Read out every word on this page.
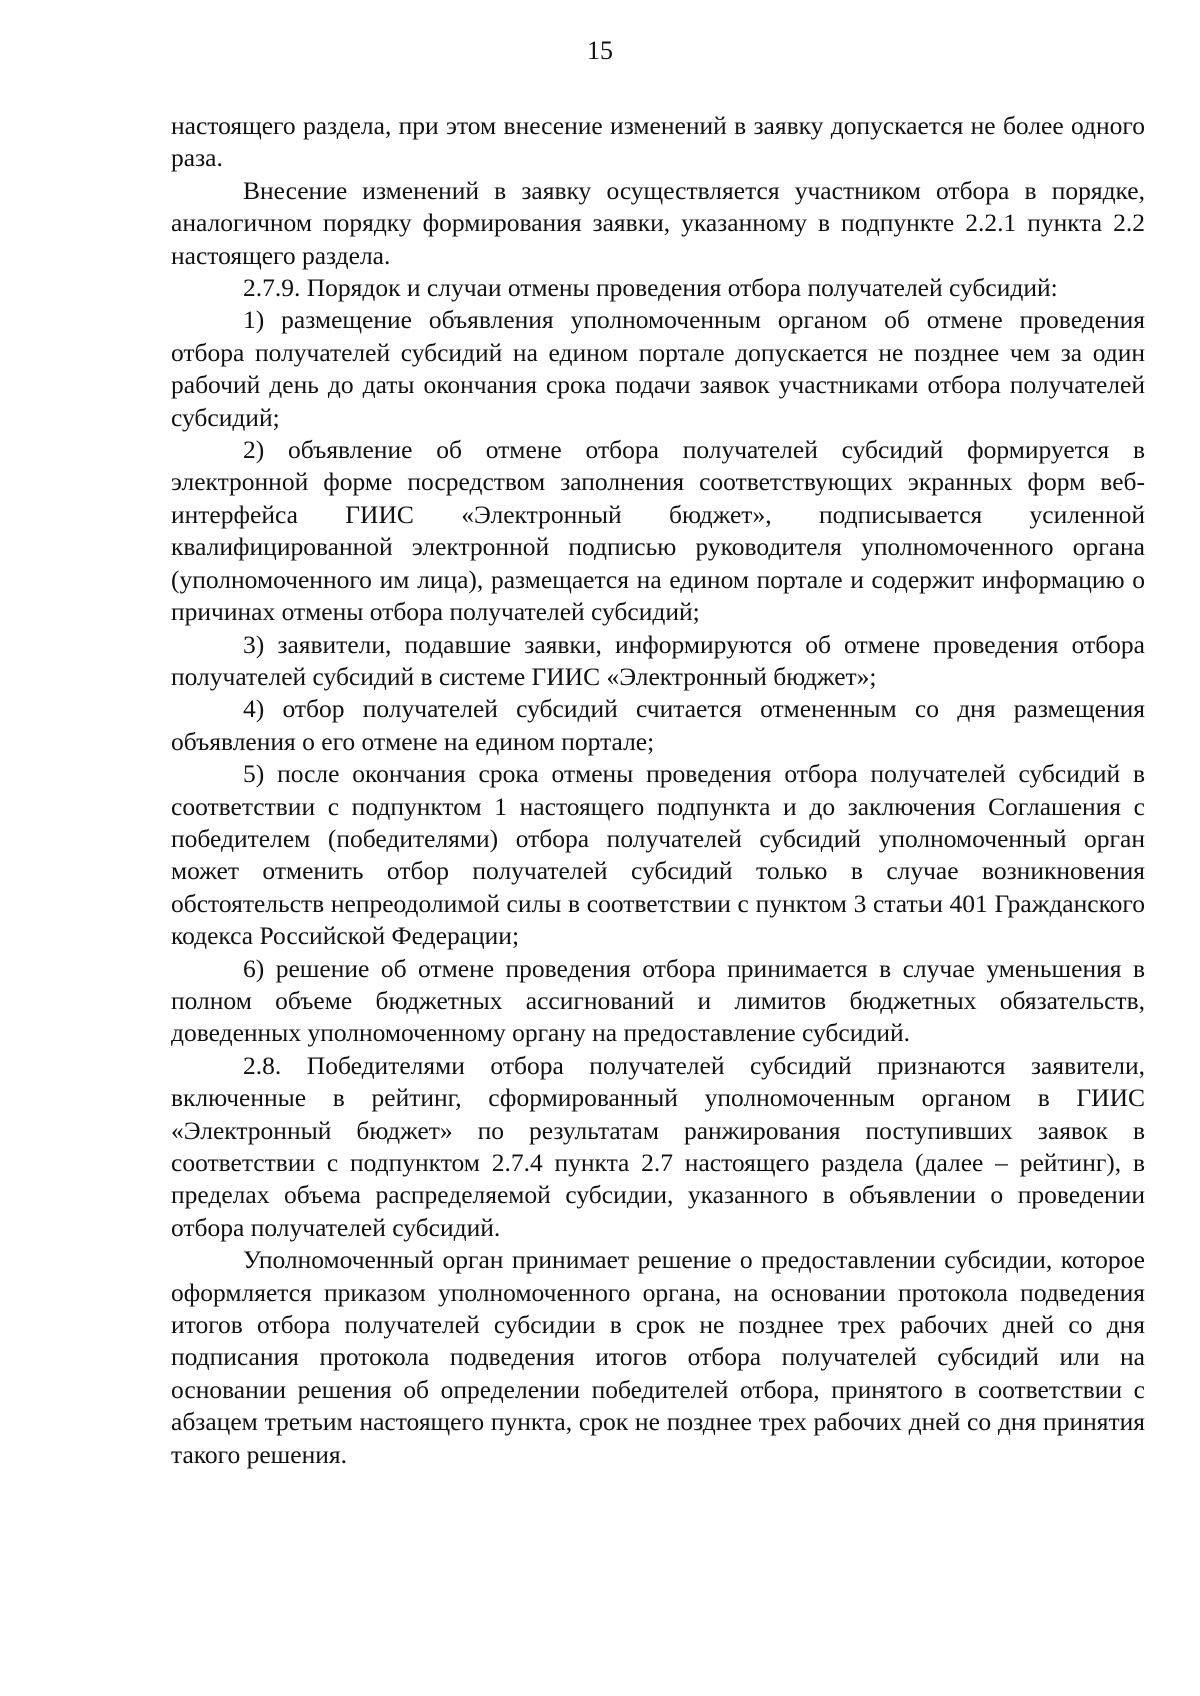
15

настоящего раздела, при этом внесение изменений в заявку допускается не более одного раза.

Внесение изменений в заявку осуществляется участником отбора в порядке, аналогичном порядку формирования заявки, указанному в подпункте 2.2.1 пункта 2.2 настоящего раздела.

2.7.9. Порядок и случаи отмены проведения отбора получателей субсидий:

1) размещение объявления уполномоченным органом об отмене проведения отбора получателей субсидий на едином портале допускается не позднее чем за один рабочий день до даты окончания срока подачи заявок участниками отбора получателей субсидий;

2) объявление об отмене отбора получателей субсидий формируется в электронной форме посредством заполнения соответствующих экранных форм веб-интерфейса ГИИС «Электронный бюджет», подписывается усиленной квалифицированной электронной подписью руководителя уполномоченного органа (уполномоченного им лица), размещается на едином портале и содержит информацию о причинах отмены отбора получателей субсидий;

3) заявители, подавшие заявки, информируются об отмене проведения отбора получателей субсидий в системе ГИИС «Электронный бюджет»;

4) отбор получателей субсидий считается отмененным со дня размещения объявления о его отмене на едином портале;

5) после окончания срока отмены проведения отбора получателей субсидий в соответствии с подпунктом 1 настоящего подпункта и до заключения Соглашения с победителем (победителями) отбора получателей субсидий уполномоченный орган может отменить отбор получателей субсидий только в случае возникновения обстоятельств непреодолимой силы в соответствии с пунктом 3 статьи 401 Гражданского кодекса Российской Федерации;

6) решение об отмене проведения отбора принимается в случае уменьшения в полном объеме бюджетных ассигнований и лимитов бюджетных обязательств, доведенных уполномоченному органу на предоставление субсидий.

2.8. Победителями отбора получателей субсидий признаются заявители, включенные в рейтинг, сформированный уполномоченным органом в ГИИС «Электронный бюджет» по результатам ранжирования поступивших заявок в соответствии с подпунктом 2.7.4 пункта 2.7 настоящего раздела (далее – рейтинг), в пределах объема распределяемой субсидии, указанного в объявлении о проведении отбора получателей субсидий.

Уполномоченный орган принимает решение о предоставлении субсидии, которое оформляется приказом уполномоченного органа, на основании протокола подведения итогов отбора получателей субсидии в срок не позднее трех рабочих дней со дня подписания протокола подведения итогов отбора получателей субсидий или на основании решения об определении победителей отбора, принятого в соответствии с абзацем третьим настоящего пункта, срок не позднее трех рабочих дней со дня принятия такого решения.
